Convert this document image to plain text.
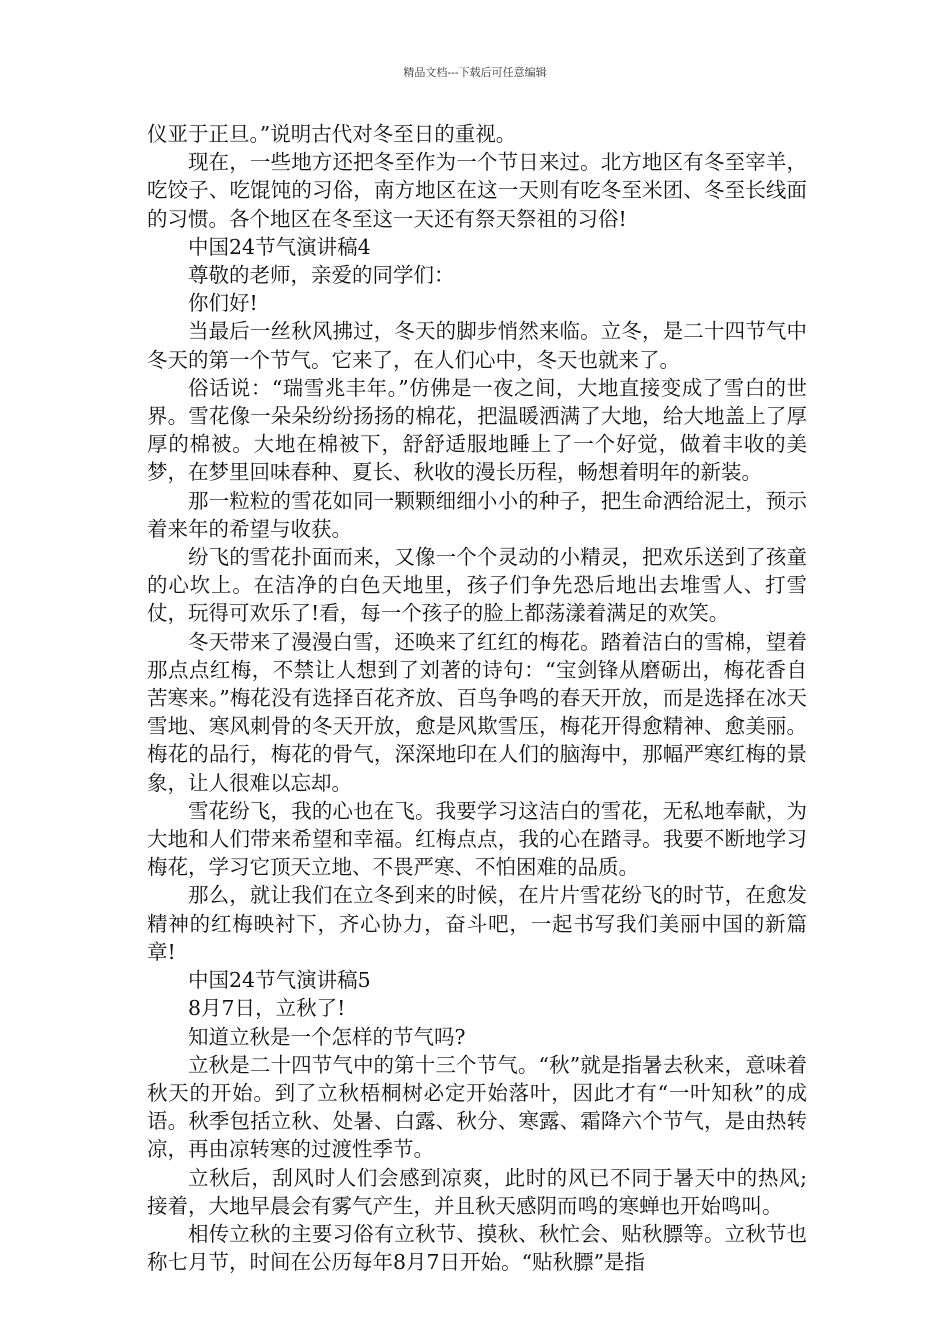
精品文档---下载后可任意编辑

仪亚于正旦。”说明古代对冬至日的重视。

现在，一些地方还把冬至作为一个节日来过。北方地区有冬至宰羊，吃饺子、吃馄饨的习俗，南方地区在这一天则有吃冬至米团、冬至长线面的习惯。各个地区在冬至这一天还有祭天祭祖的习俗!

中国24节气演讲稿4

尊敬的老师，亲爱的同学们：

你们好!

当最后一丝秋风拂过，冬天的脚步悄然来临。立冬，是二十四节气中冬天的第一个节气。它来了，在人们心中，冬天也就来了。

俗话说：“瑞雪兆丰年。”仿佛是一夜之间，大地直接变成了雪白的世界。雪花像一朵朵纷纷扬扬的棉花，把温暖洒满了大地，给大地盖上了厚厚的棉被。大地在棉被下，舒舒适服地睡上了一个好觉，做着丰收的美梦，在梦里回味春种、夏长、秋收的漫长历程，畅想着明年的新装。

那一粒粒的雪花如同一颗颗细细小小的种子，把生命洒给泥土，预示着来年的希望与收获。

纷飞的雪花扑面而来，又像一个个灵动的小精灵，把欢乐送到了孩童的心坎上。在洁净的白色天地里，孩子们争先恐后地出去堆雪人、打雪仗，玩得可欢乐了!看，每一个孩子的脸上都荡漾着满足的欢笑。

冬天带来了漫漫白雪，还唤来了红红的梅花。踏着洁白的雪棉，望着那点点红梅，不禁让人想到了刘著的诗句：“宝剑锋从磨砺出，梅花香自苦寒来。”梅花没有选择百花齐放、百鸟争鸣的春天开放，而是选择在冰天雪地、寒风刺骨的冬天开放，愈是风欺雪压，梅花开得愈精神、愈美丽。梅花的品行，梅花的骨气，深深地印在人们的脑海中，那幅严寒红梅的景象，让人很难以忘却。

雪花纷飞，我的心也在飞。我要学习这洁白的雪花，无私地奉献，为大地和人们带来希望和幸福。红梅点点，我的心在踏寻。我要不断地学习梅花，学习它顶天立地、不畏严寒、不怕困难的品质。

那么，就让我们在立冬到来的时候，在片片雪花纷飞的时节，在愈发精神的红梅映衬下，齐心协力，奋斗吧，一起书写我们美丽中国的新篇章!

中国24节气演讲稿5

8月7日，立秋了!

知道立秋是一个怎样的节气吗?

立秋是二十四节气中的第十三个节气。“秋”就是指暑去秋来，意味着秋天的开始。到了立秋梧桐树必定开始落叶，因此才有“一叶知秋”的成语。秋季包括立秋、处暑、白露、秋分、寒露、霜降六个节气，是由热转凉，再由凉转寒的过渡性季节。

立秋后，刮风时人们会感到凉爽，此时的风已不同于暑天中的热风;接着，大地早晨会有雾气产生，并且秋天感阴而鸣的寒蝉也开始鸣叫。

相传立秋的主要习俗有立秋节、摸秋、秋忙会、贴秋膘等。立秋节也称七月节，时间在公历每年8月7日开始。“贴秋膘”是指
